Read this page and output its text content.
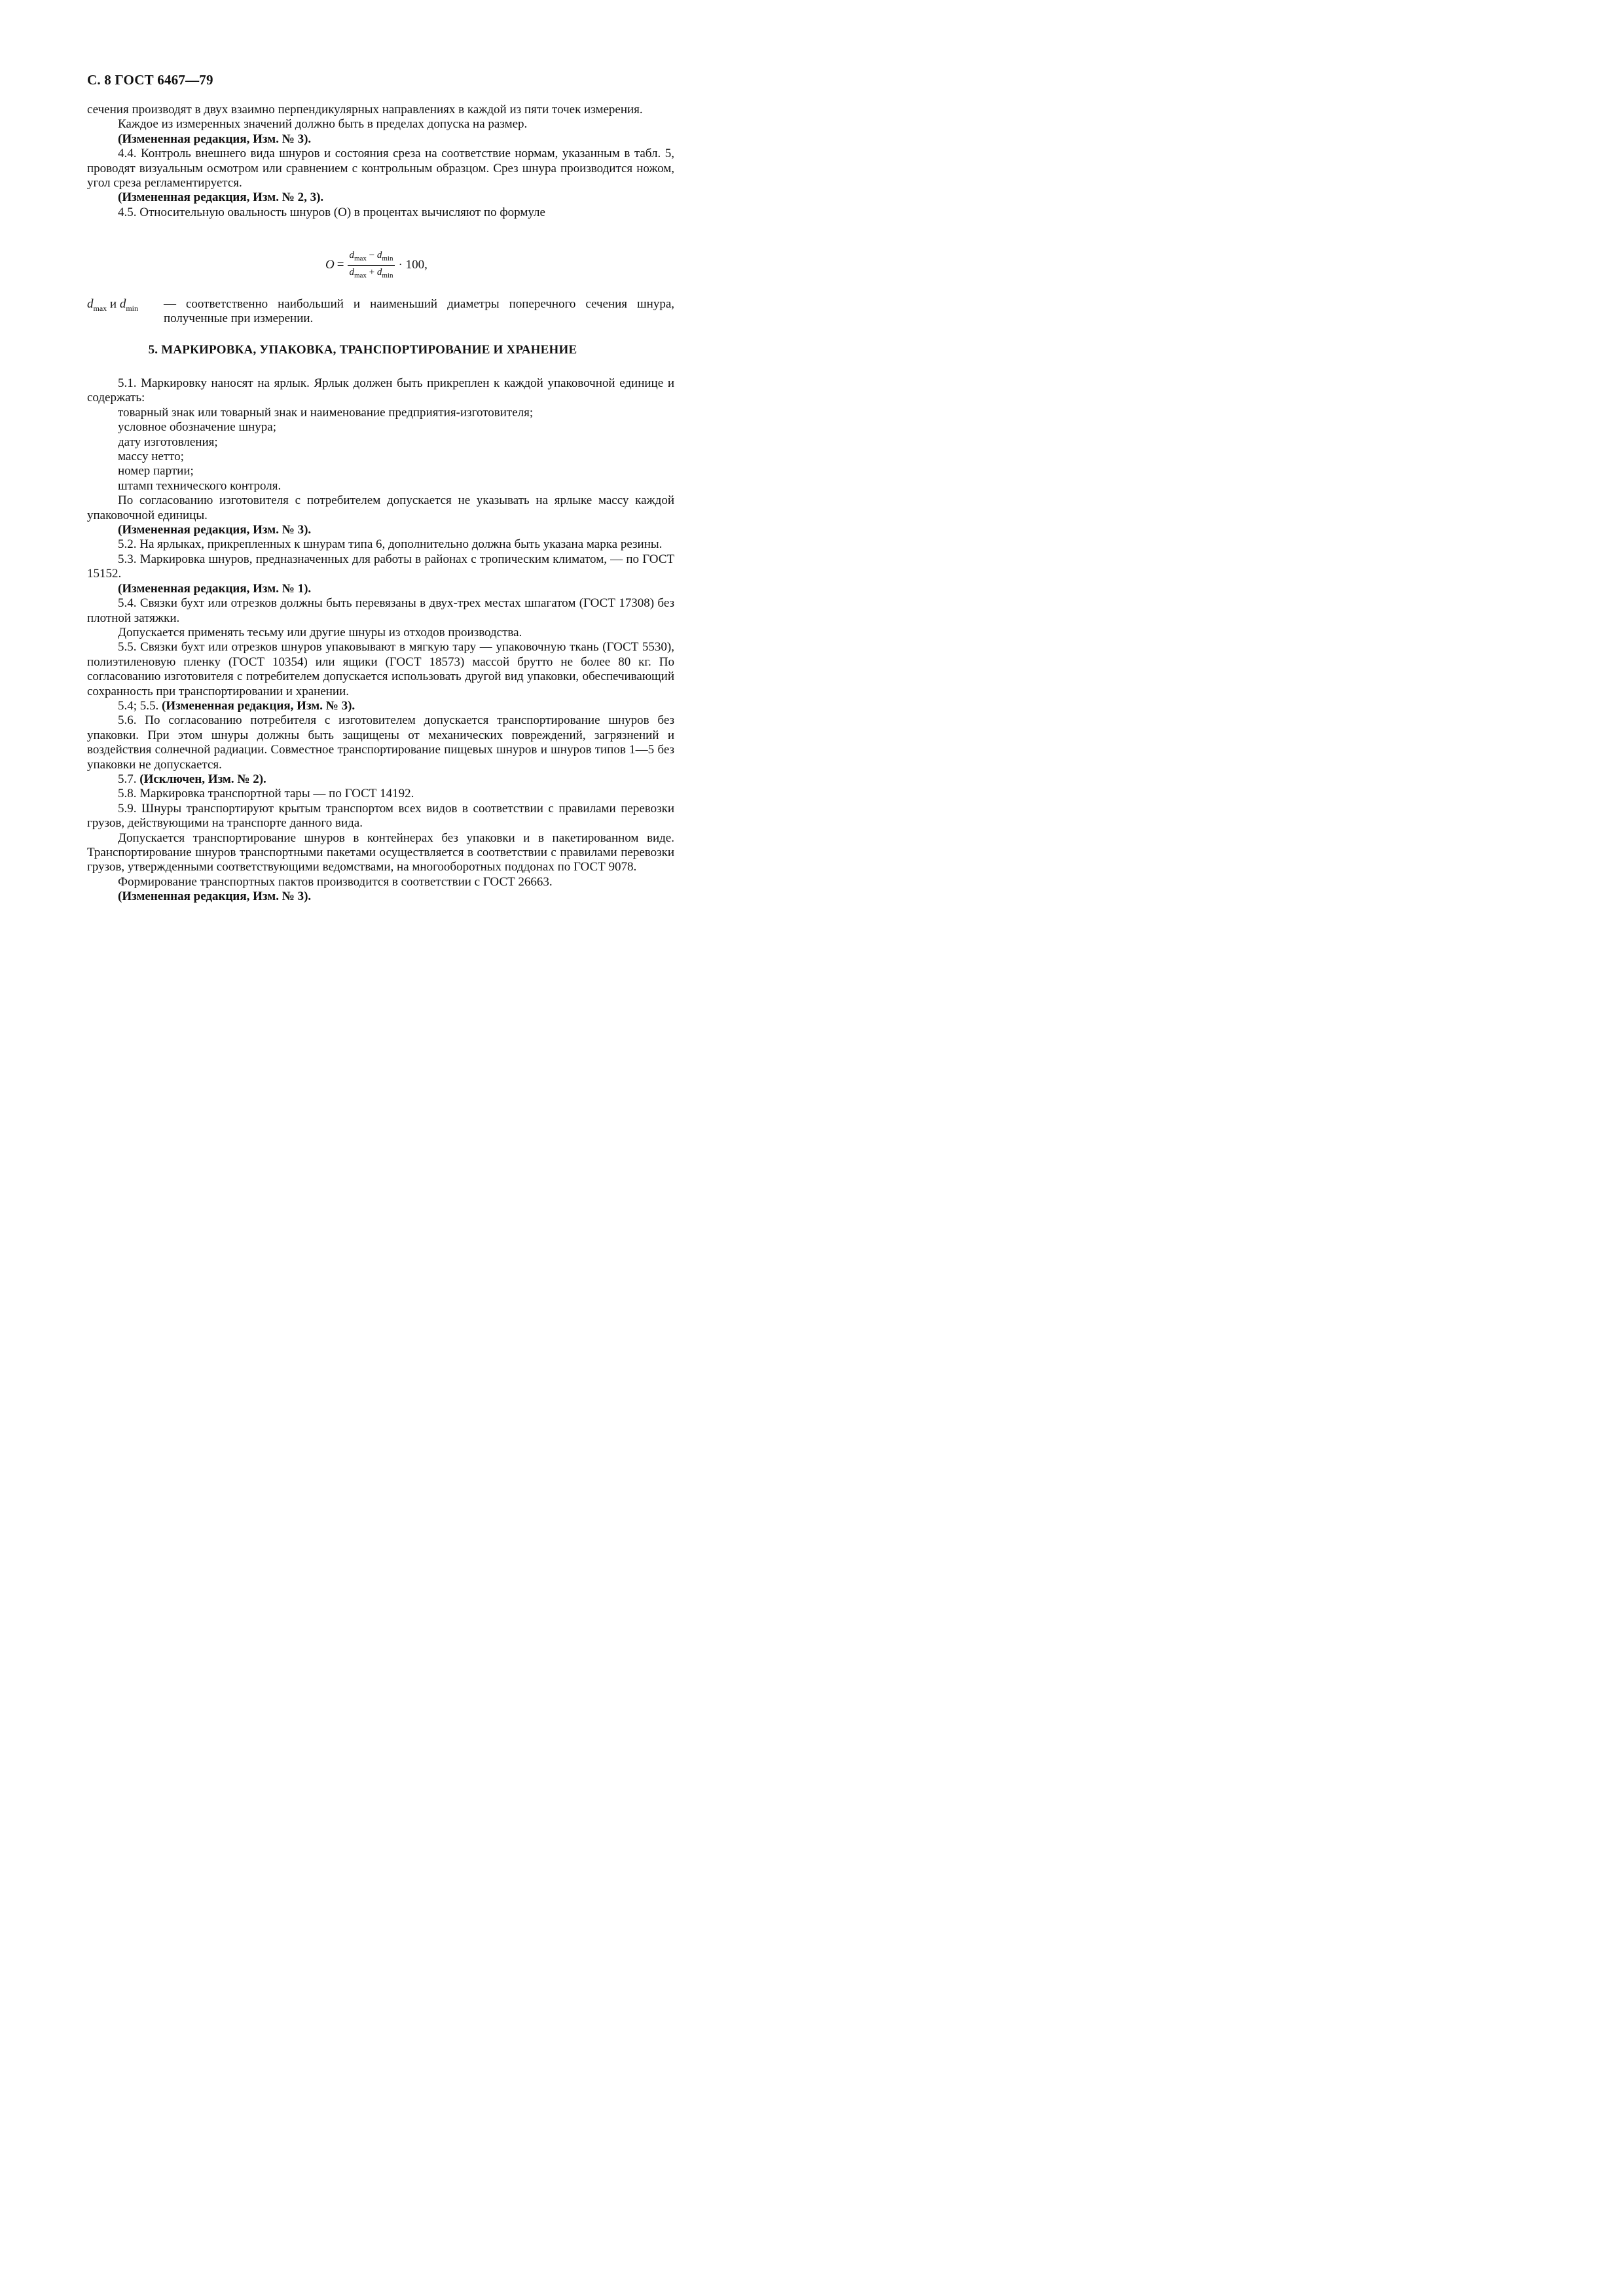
С. 8 ГОСТ 6467—79

сечения производят в двух взаимно перпендикулярных направлениях в каждой из пяти точек измерения.

Каждое из измеренных значений должно быть в пределах допуска на размер.

(Измененная редакция, Изм. № 3).

4.4. Контроль внешнего вида шнуров и состояния среза на соответствие нормам, указанным в табл. 5, проводят визуальным осмотром или сравнением с контрольным образцом. Срез шнура производится ножом, угол среза регламентируется.

(Измененная редакция, Изм. № 2, 3).

4.5. Относительную овальность шнуров (О) в процентах вычисляют по формуле

$О = \frac{d_{max} - d_{min}}{d_{max} + d_{min}} \cdot 100$,
$d_{max}$ и $d_{min}$ — соответственно наибольший и наименьший диаметры поперечного сечения шнура, полученные при измерении.
5. МАРКИРОВКА, УПАКОВКА, ТРАНСПОРТИРОВАНИЕ И ХРАНЕНИЕ

5.1. Маркировку наносят на ярлык. Ярлык должен быть прикреплен к каждой упаковочной единице и содержать:

товарный знак или товарный знак и наименование предприятия-изготовителя;

условное обозначение шнура;

дату изготовления;

массу нетто;

номер партии;

штамп технического контроля.

По согласованию изготовителя с потребителем допускается не указывать на ярлыке массу каждой упаковочной единицы.

(Измененная редакция, Изм. № 3).

5.2. На ярлыках, прикрепленных к шнурам типа 6, дополнительно должна быть указана марка резины.

5.3. Маркировка шнуров, предназначенных для работы в районах с тропическим климатом, — по ГОСТ 15152.

(Измененная редакция, Изм. № 1).

5.4. Связки бухт или отрезков должны быть перевязаны в двух-трех местах шпагатом (ГОСТ 17308) без плотной затяжки.

Допускается применять тесьму или другие шнуры из отходов производства.

5.5. Связки бухт или отрезков шнуров упаковывают в мягкую тару — упаковочную ткань (ГОСТ 5530), полиэтиленовую пленку (ГОСТ 10354) или ящики (ГОСТ 18573) массой брутто не более 80 кг. По согласованию изготовителя с потребителем допускается использовать другой вид упаковки, обеспечивающий сохранность при транспортировании и хранении.

5.4; 5.5. (Измененная редакция, Изм. № 3).

5.6. По согласованию потребителя с изготовителем допускается транспортирование шнуров без упаковки. При этом шнуры должны быть защищены от механических повреждений, загрязнений и воздействия солнечной радиации. Совместное транспортирование пищевых шнуров и шнуров типов 1—5 без упаковки не допускается.

5.7. (Исключен, Изм. № 2).

5.8. Маркировка транспортной тары — по ГОСТ 14192.

5.9. Шнуры транспортируют крытым транспортом всех видов в соответствии с правилами перевозки грузов, действующими на транспорте данного вида.

Допускается транспортирование шнуров в контейнерах без упаковки и в пакетированном виде. Транспортирование шнуров транспортными пакетами осуществляется в соответствии с правилами перевозки грузов, утвержденными соответствующими ведомствами, на многооборотных поддонах по ГОСТ 9078.

Формирование транспортных пактов производится в соответствии с ГОСТ 26663.

(Измененная редакция, Изм. № 3).
